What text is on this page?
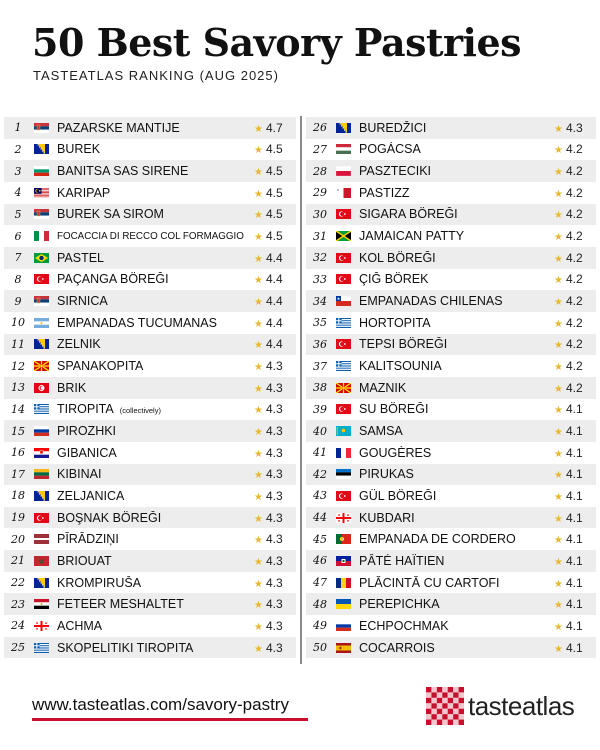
50 Best Savory Pastries
TASTEATLAS RANKING (AUG 2025)
1	PAZARSKE MANTIJE	★ 4.7
2	BUREK	★ 4.5
3	BANITSA SAS SIRENE	★ 4.5
4	KARIPAP	★ 4.5
5	BUREK SA SIROM	★ 4.5
6	FOCACCIA DI RECCO COL FORMAGGIO	★ 4.5
7	PASTEL	★ 4.4
8	PAÇANGA BÖREĞI	★ 4.4
9	SIRNICA	★ 4.4
10	EMPANADAS TUCUMANAS	★ 4.4
11	ZELNIK	★ 4.4
12	SPANAKOPITA	★ 4.3
13	BRIK	★ 4.3
14	TIROPITA (collectively)	★ 4.3
15	PIROZHKI	★ 4.3
16	GIBANICA	★ 4.3
17	KIBINAI	★ 4.3
18	ZELJANICA	★ 4.3
19	BOŞNAK BÖREĞI	★ 4.3
20	PĪRĀDZIŅI	★ 4.3
21	BRIOUAT	★ 4.3
22	KROMPIRUŠA	★ 4.3
23	FETEER MESHALTET	★ 4.3
24	ACHMA	★ 4.3
25	SKOPELITIKI TIROPITA	★ 4.3
26	BUREDŽICI	★ 4.3
27	POGÁCSA	★ 4.2
28	PASZTECIKI	★ 4.2
29	PASTIZZ	★ 4.2
30	SIGARA BÖREĞI	★ 4.2
31	JAMAICAN PATTY	★ 4.2
32	KOL BÖREĞI	★ 4.2
33	ÇIĞ BÖREK	★ 4.2
34	EMPANADAS CHILENAS	★ 4.2
35	HORTOPITA	★ 4.2
36	TEPSI BÖREĞI	★ 4.2
37	KALITSOUNIA	★ 4.2
38	MAZNIK	★ 4.2
39	SU BÖREĞI	★ 4.1
40	SAMSA	★ 4.1
41	GOUGÈRES	★ 4.1
42	PIRUKAS	★ 4.1
43	GÜL BÖREĞI	★ 4.1
44	KUBDARI	★ 4.1
45	EMPANADA DE CORDERO	★ 4.1
46	PÂTÉ HAÏTIEN	★ 4.1
47	PLĂCINTĂ CU CARTOFI	★ 4.1
48	PEREPICHKA	★ 4.1
49	ECHPOCHMAK	★ 4.1
50	COCARROIS	★ 4.1
www.tasteatlas.com/savory-pastry	tasteatlas
